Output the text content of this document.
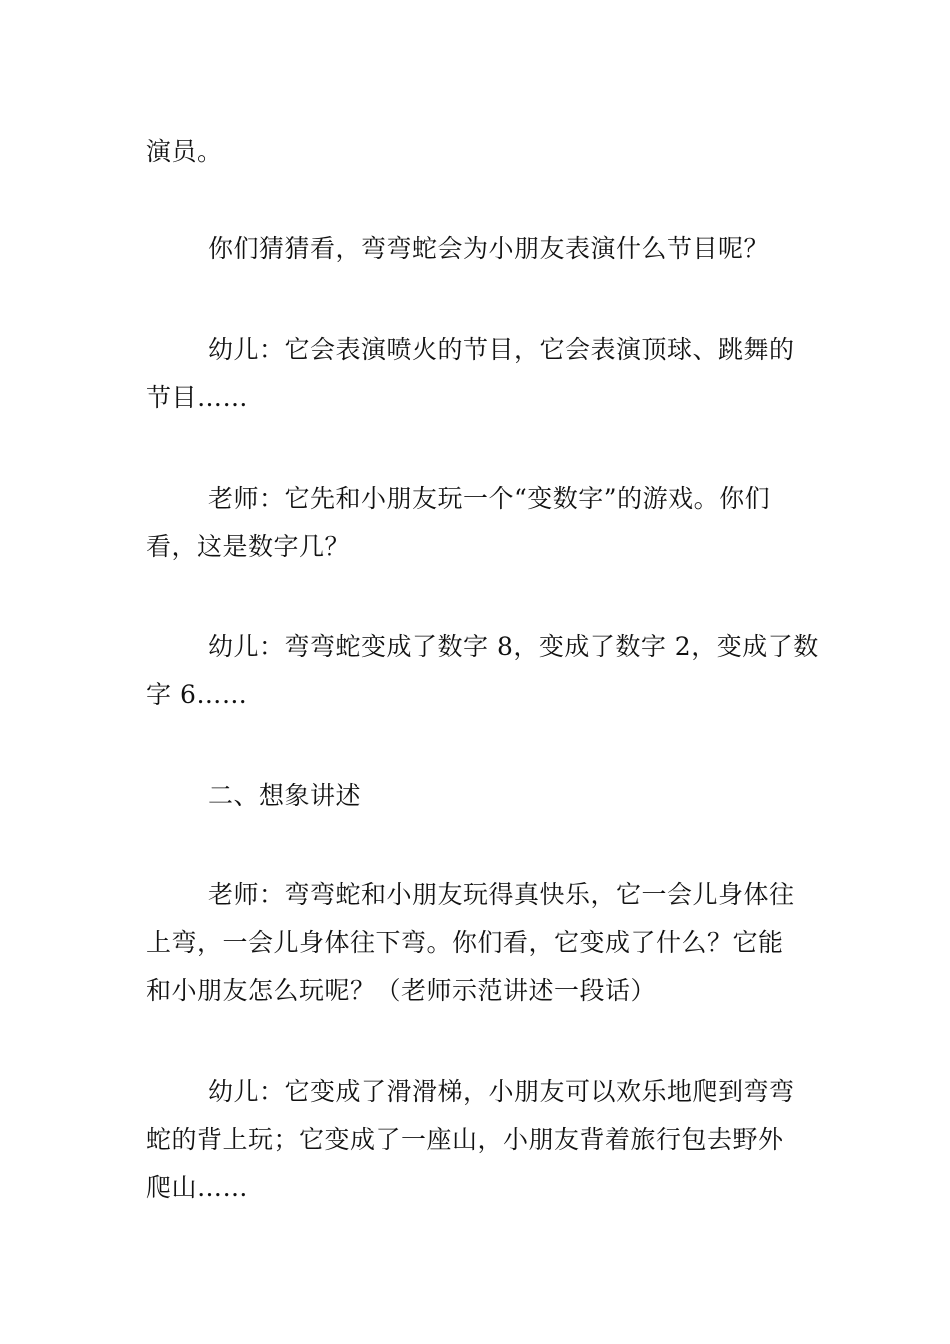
演员。
你们猜猜看，弯弯蛇会为小朋友表演什么节目呢？
幼儿：它会表演喷火的节目，它会表演顶球、跳舞的
节目……
老师：它先和小朋友玩一个“变数字”的游戏。你们
看，这是数字几？
幼儿：弯弯蛇变成了数字 8，变成了数字 2，变成了数
字 6……
二、想象讲述
老师：弯弯蛇和小朋友玩得真快乐，它一会儿身体往
上弯，一会儿身体往下弯。你们看，它变成了什么？它能
和小朋友怎么玩呢？（老师示范讲述一段话）
幼儿：它变成了滑滑梯，小朋友可以欢乐地爬到弯弯
蛇的背上玩；它变成了一座山，小朋友背着旅行包去野外
爬山……
